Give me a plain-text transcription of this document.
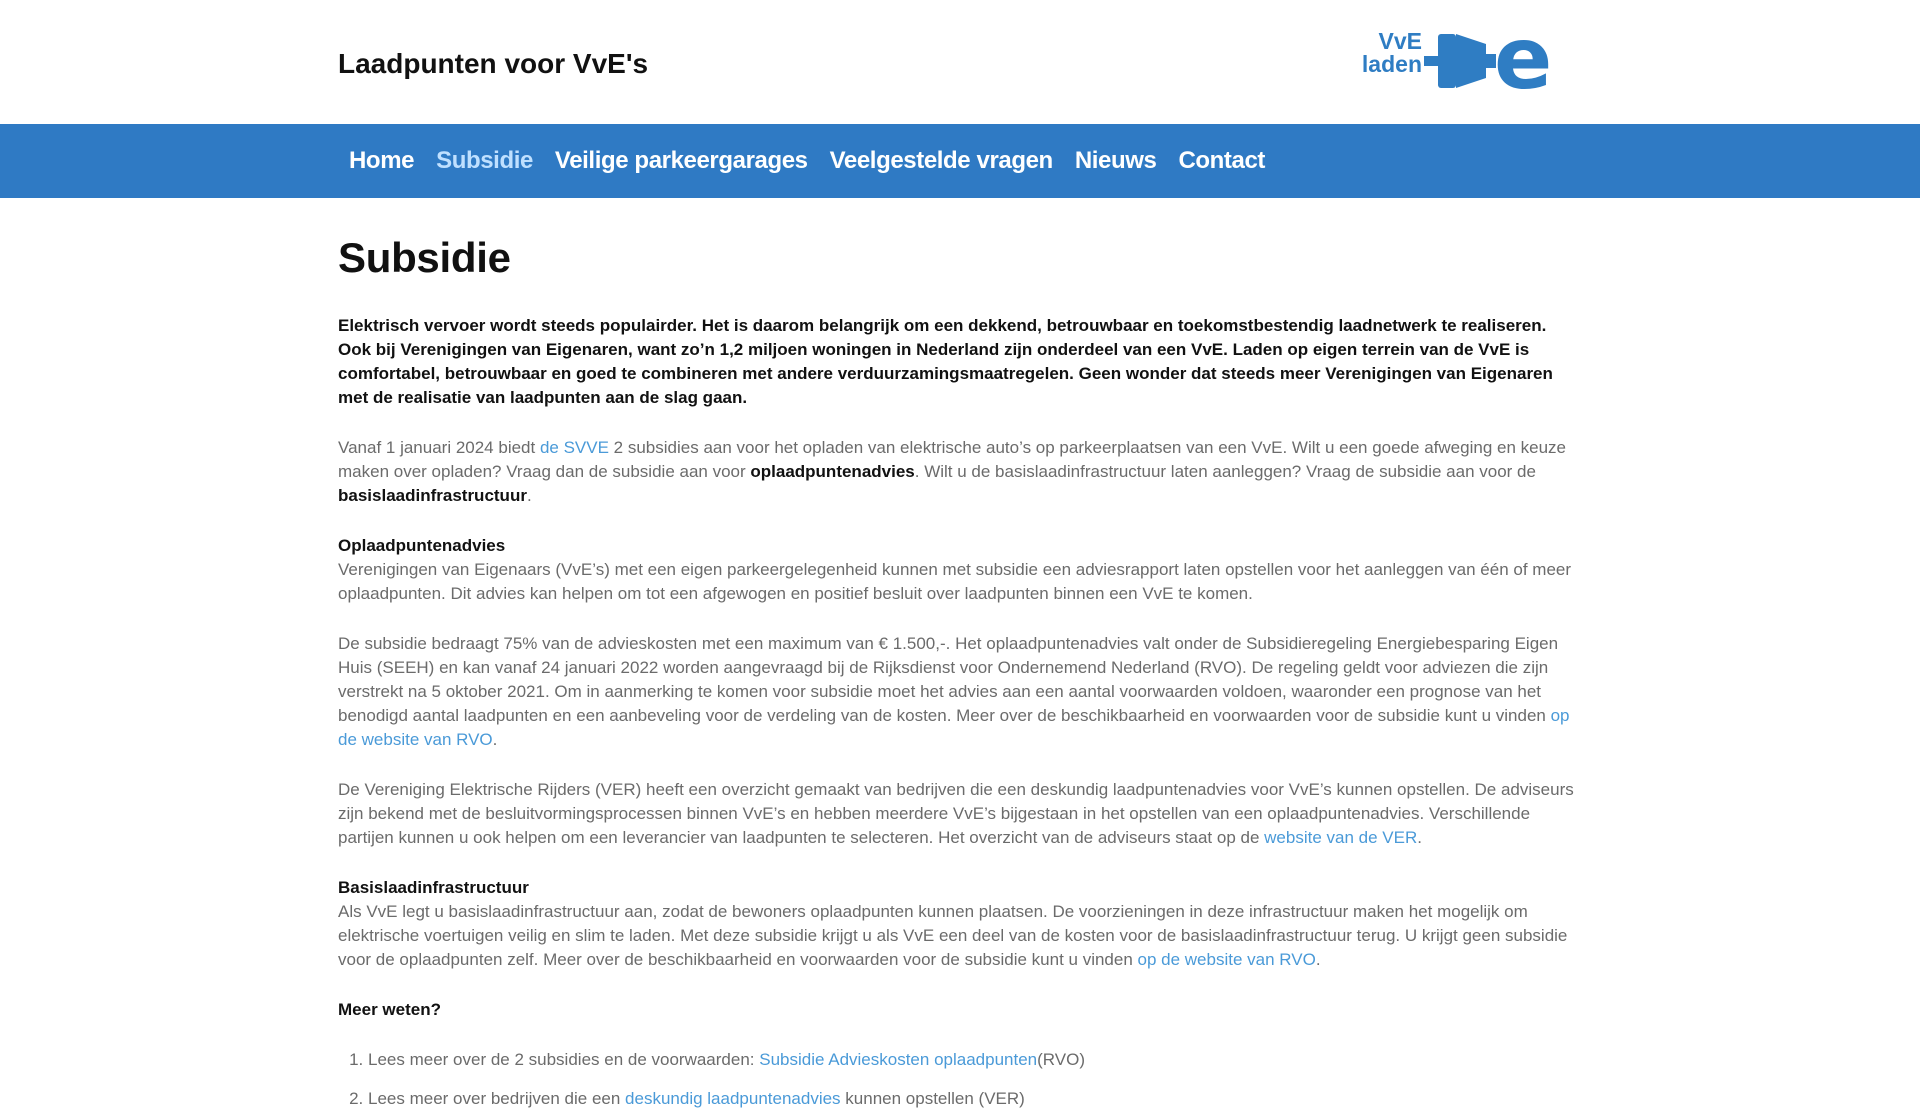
Laadpunten voor VvE's
VvE
laden e
Home Subsidie Veilige parkeergarages Veelgestelde vragen Nieuws Contact
Subsidie

Elektrisch vervoer wordt steeds populairder. Het is daarom belangrijk om een dekkend, betrouwbaar en toekomstbestendig laadnetwerk te realiseren. Ook bij Verenigingen van Eigenaren, want zo’n 1,2 miljoen woningen in Nederland zijn onderdeel van een VvE. Laden op eigen terrein van de VvE is comfortabel, betrouwbaar en goed te combineren met andere verduurzamingsmaatregelen. Geen wonder dat steeds meer Verenigingen van Eigenaren met de realisatie van laadpunten aan de slag gaan.

Vanaf 1 januari 2024 biedt de SVVE 2 subsidies aan voor het opladen van elektrische auto’s op parkeerplaatsen van een VvE. Wilt u een goede afweging en keuze maken over opladen? Vraag dan de subsidie aan voor oplaadpuntenadvies. Wilt u de basislaadinfrastructuur laten aanleggen? Vraag de subsidie aan voor de basislaadinfrastructuur.

Oplaadpuntenadvies
Verenigingen van Eigenaars (VvE’s) met een eigen parkeergelegenheid kunnen met subsidie een adviesrapport laten opstellen voor het aanleggen van één of meer oplaadpunten. Dit advies kan helpen om tot een afgewogen en positief besluit over laadpunten binnen een VvE te komen.

De subsidie bedraagt 75% van de advieskosten met een maximum van € 1.500,-. Het oplaadpuntenadvies valt onder de Subsidieregeling Energiebesparing Eigen Huis (SEEH) en kan vanaf 24 januari 2022 worden aangevraagd bij de Rijksdienst voor Ondernemend Nederland (RVO). De regeling geldt voor adviezen die zijn verstrekt na 5 oktober 2021. Om in aanmerking te komen voor subsidie moet het advies aan een aantal voorwaarden voldoen, waaronder een prognose van het benodigd aantal laadpunten en een aanbeveling voor de verdeling van de kosten. Meer over de beschikbaarheid en voorwaarden voor de subsidie kunt u vinden op de website van RVO.

De Vereniging Elektrische Rijders (VER) heeft een overzicht gemaakt van bedrijven die een deskundig laadpuntenadvies voor VvE’s kunnen opstellen. De adviseurs zijn bekend met de besluitvormingsprocessen binnen VvE’s en hebben meerdere VvE’s bijgestaan in het opstellen van een oplaadpuntenadvies. Verschillende partijen kunnen u ook helpen om een leverancier van laadpunten te selecteren. Het overzicht van de adviseurs staat op de website van de VER.

Basislaadinfrastructuur
Als VvE legt u basislaadinfrastructuur aan, zodat de bewoners oplaadpunten kunnen plaatsen. De voorzieningen in deze infrastructuur maken het mogelijk om elektrische voertuigen veilig en slim te laden. Met deze subsidie krijgt u als VvE een deel van de kosten voor de basislaadinfrastructuur terug. U krijgt geen subsidie voor de oplaadpunten zelf. Meer over de beschikbaarheid en voorwaarden voor de subsidie kunt u vinden op de website van RVO.

Meer weten?

1. Lees meer over de 2 subsidies en de voorwaarden: Subsidie Advieskosten oplaadpunten(RVO)
2. Lees meer over bedrijven die een deskundig laadpuntenadvies kunnen opstellen (VER)
